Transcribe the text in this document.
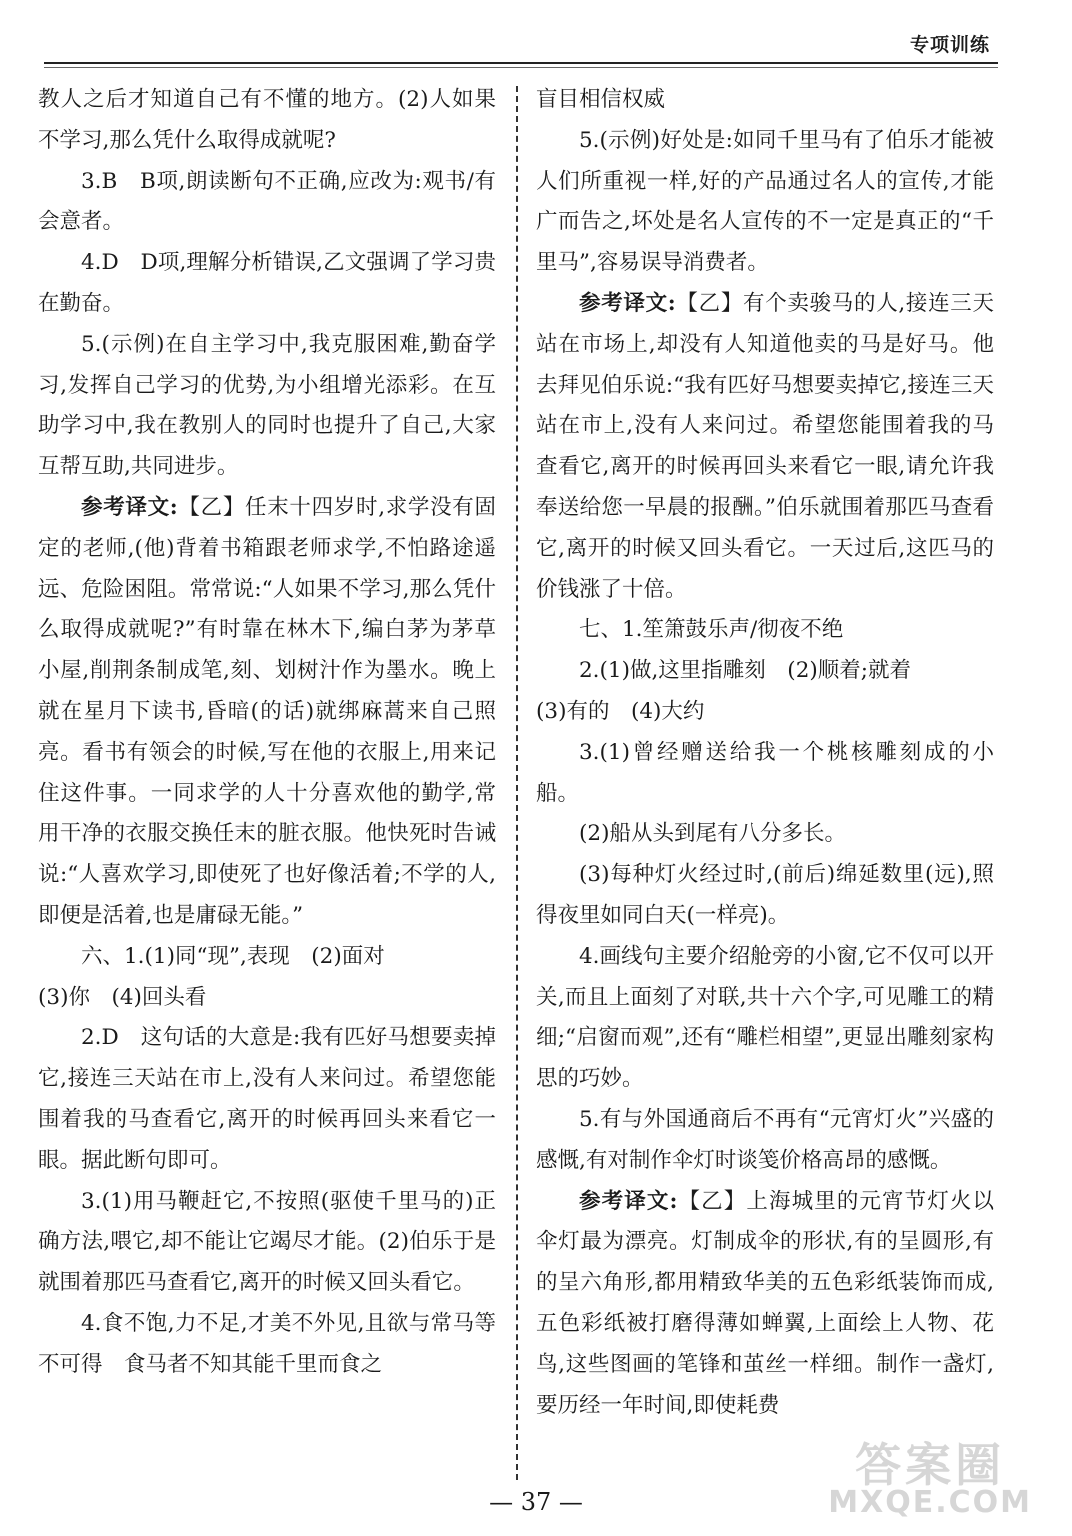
专项训练

教人之后才知道自己有不懂的地方。(2)人如果不学习,那么凭什么取得成就呢?

3.B　B项,朗读断句不正确,应改为:观书/有会意者。

4.D　D项,理解分析错误,乙文强调了学习贵在勤奋。

5.(示例)在自主学习中,我克服困难,勤奋学习,发挥自己学习的优势,为小组增光添彩。在互助学习中,我在教别人的同时也提升了自己,大家互帮互助,共同进步。

参考译文:【乙】任末十四岁时,求学没有固定的老师,(他)背着书箱跟老师求学,不怕路途遥远、危险困阻。常常说:“人如果不学习,那么凭什么取得成就呢?”有时靠在林木下,编白茅为茅草小屋,削荆条制成笔,刻、划树汁作为墨水。晚上就在星月下读书,昏暗(的话)就绑麻蒿来自己照亮。看书有领会的时候,写在他的衣服上,用来记住这件事。一同求学的人十分喜欢他的勤学,常用干净的衣服交换任末的脏衣服。他快死时告诫说:“人喜欢学习,即使死了也好像活着;不学的人,即便是活着,也是庸碌无能。”

六、1.(1)同“现”,表现　(2)面对

(3)你　(4)回头看

2.D　这句话的大意是:我有匹好马想要卖掉它,接连三天站在市上,没有人来问过。希望您能围着我的马查看它,离开的时候再回头来看它一眼。据此断句即可。

3.(1)用马鞭赶它,不按照(驱使千里马的)正确方法,喂它,却不能让它竭尽才能。(2)伯乐于是就围着那匹马查看它,离开的时候又回头看它。

4.食不饱,力不足,才美不外见,且欲与常马等不可得　食马者不知其能千里而食之

盲目相信权威

5.(示例)好处是:如同千里马有了伯乐才能被人们所重视一样,好的产品通过名人的宣传,才能广而告之,坏处是名人宣传的不一定是真正的“千里马”,容易误导消费者。

参考译文:【乙】有个卖骏马的人,接连三天站在市场上,却没有人知道他卖的马是好马。他去拜见伯乐说:“我有匹好马想要卖掉它,接连三天站在市上,没有人来问过。希望您能围着我的马查看它,离开的时候再回头来看它一眼,请允许我奉送给您一早晨的报酬。”伯乐就围着那匹马查看它,离开的时候又回头看它。一天过后,这匹马的价钱涨了十倍。

七、1.笙箫鼓乐声/彻夜不绝

2.(1)做,这里指雕刻　(2)顺着;就着

(3)有的　(4)大约

3.(1)曾经赠送给我一个桃核雕刻成的小船。

(2)船从头到尾有八分多长。

(3)每种灯火经过时,(前后)绵延数里(远),照得夜里如同白天(一样亮)。

4.画线句主要介绍舱旁的小窗,它不仅可以开关,而且上面刻了对联,共十六个字,可见雕工的精细;“启窗而观”,还有“雕栏相望”,更显出雕刻家构思的巧妙。

5.有与外国通商后不再有“元宵灯火”兴盛的感慨,有对制作伞灯时谈笺价格高昂的感慨。

参考译文:【乙】上海城里的元宵节灯火以伞灯最为漂亮。灯制成伞的形状,有的呈圆形,有的呈六角形,都用精致华美的五色彩纸装饰而成,五色彩纸被打磨得薄如蝉翼,上面绘上人物、花鸟,这些图画的笔锋和茧丝一样细。制作一盏灯,要历经一年时间,即使耗费

— 37 —
答案圈
MXQE.COM
